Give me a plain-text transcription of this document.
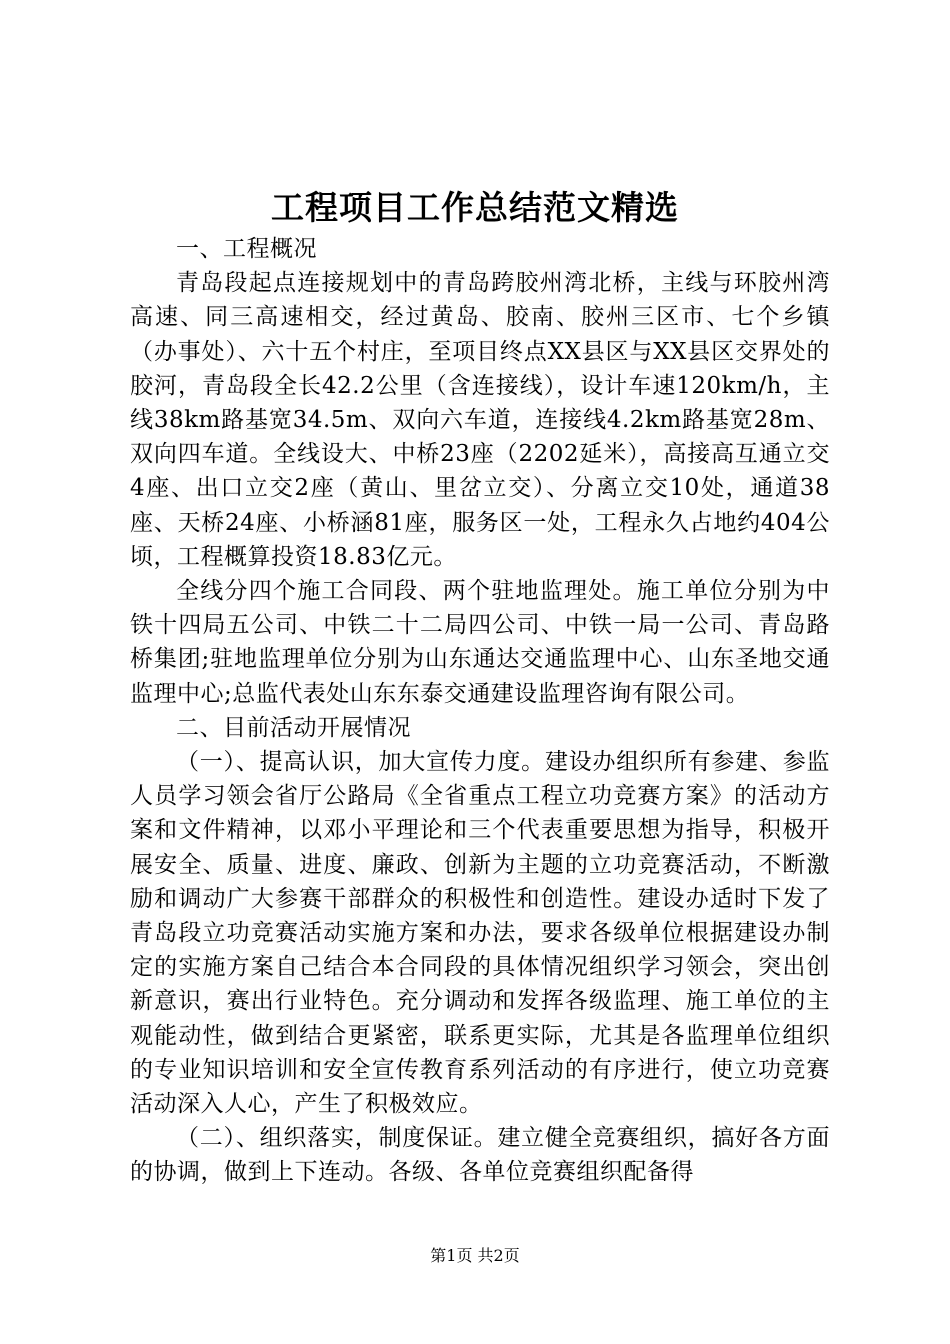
工程项目工作总结范文精选

一、工程概况

青岛段起点连接规划中的青岛跨胶州湾北桥，主线与环胶州湾高速、同三高速相交，经过黄岛、胶南、胶州三区市、七个乡镇（办事处）、六十五个村庄，至项目终点XX县区与XX县区交界处的胶河，青岛段全长42.2公里（含连接线），设计车速120km/h，主线38km路基宽34.5m、双向六车道，连接线4.2km路基宽28m、双向四车道。全线设大、中桥23座（2202延米），高接高互通立交4座、出口立交2座（黄山、里岔立交）、分离立交10处，通道38座、天桥24座、小桥涵81座，服务区一处，工程永久占地约404公顷，工程概算投资18.83亿元。

全线分四个施工合同段、两个驻地监理处。施工单位分别为中铁十四局五公司、中铁二十二局四公司、中铁一局一公司、青岛路桥集团;驻地监理单位分别为山东通达交通监理中心、山东圣地交通监理中心;总监代表处山东东泰交通建设监理咨询有限公司。

二、目前活动开展情况

（一）、提高认识，加大宣传力度。建设办组织所有参建、参监人员学习领会省厅公路局《全省重点工程立功竞赛方案》的活动方案和文件精神，以邓小平理论和三个代表重要思想为指导，积极开展安全、质量、进度、廉政、创新为主题的立功竞赛活动，不断激励和调动广大参赛干部群众的积极性和创造性。建设办适时下发了青岛段立功竞赛活动实施方案和办法，要求各级单位根据建设办制定的实施方案自己结合本合同段的具体情况组织学习领会，突出创新意识，赛出行业特色。充分调动和发挥各级监理、施工单位的主观能动性，做到结合更紧密，联系更实际，尤其是各监理单位组织的专业知识培训和安全宣传教育系列活动的有序进行，使立功竞赛活动深入人心，产生了积极效应。

（二）、组织落实，制度保证。建立健全竞赛组织，搞好各方面的协调，做到上下连动。各级、各单位竞赛组织配备得

第1页 共2页
